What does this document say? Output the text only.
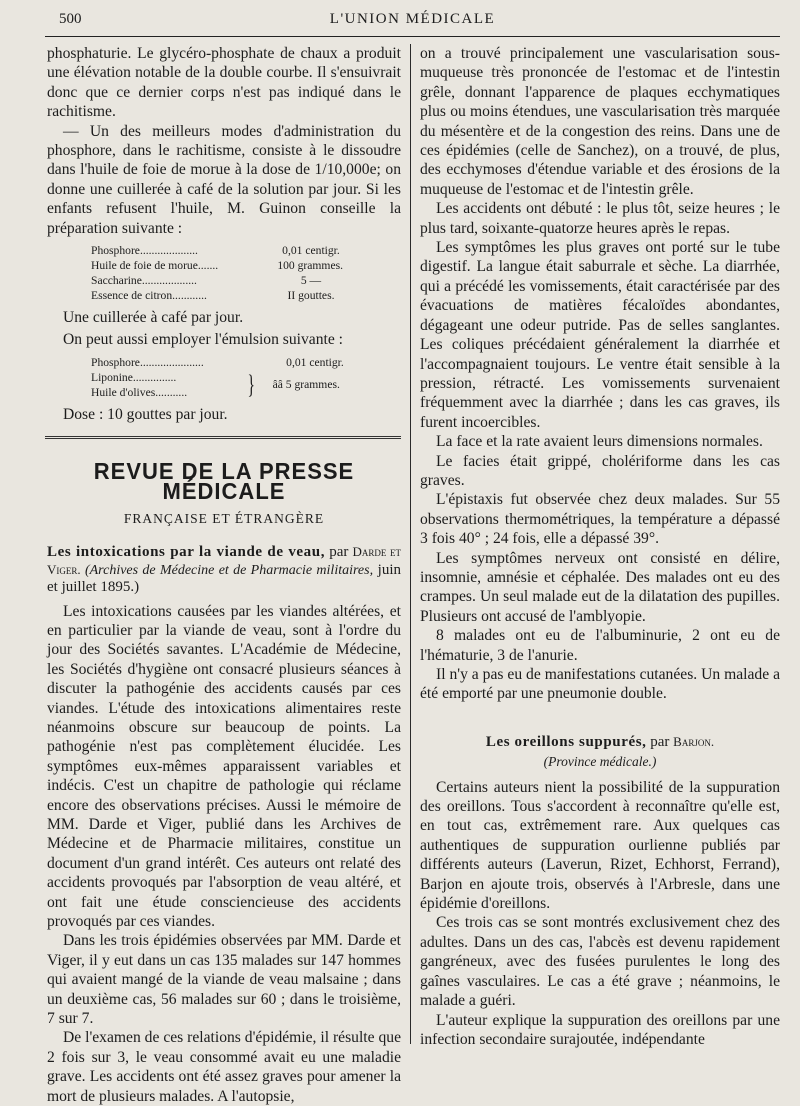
500	L'UNION MÉDICALE

phosphaturie. Le glycéro-phosphate de chaux a produit une élévation notable de la double courbe. Il s'ensuivrait donc que ce dernier corps n'est pas indiqué dans le rachitisme.

— Un des meilleurs modes d'administration du phosphore, dans le rachitisme, consiste à le dissoudre dans l'huile de foie de morue à la dose de 1/10,000e; on donne une cuillerée à café de la solution par jour. Si les enfants refusent l'huile, M. Guinon conseille la préparation suivante :

Phosphore....................	0,01 centigr.
Huile de foie de morue.......	100 grammes.
Saccharine...................	5 —
Essence de citron............	II gouttes.

Une cuillerée à café par jour.

On peut aussi employer l'émulsion suivante :

Phosphore......................	0,01 centigr.
Liponine...............
Huile d'olives...........	}	ââ 5 grammes.

Dose : 10 gouttes par jour.

REVUE DE LA PRESSE MÉDICALE
FRANÇAISE ET ÉTRANGÈRE

Les intoxications par la viande de veau, par Darde et Viger. (Archives de Médecine et de Pharmacie militaires, juin et juillet 1895.)

Les intoxications causées par les viandes altérées, et en particulier par la viande de veau, sont à l'ordre du jour des Sociétés savantes. L'Académie de Médecine, les Sociétés d'hygiène ont consacré plusieurs séances à discuter la pathogénie des accidents causés par ces viandes. L'étude des intoxications alimentaires reste néanmoins obscure sur beaucoup de points. La pathogénie n'est pas complètement élucidée. Les symptômes eux-mêmes apparaissent variables et indécis. C'est un chapitre de pathologie qui réclame encore des observations précises. Aussi le mémoire de MM. Darde et Viger, publié dans les Archives de Médecine et de Pharmacie militaires, constitue un document d'un grand intérêt. Ces auteurs ont relaté des accidents provoqués par l'absorption de veau altéré, et ont fait une étude consciencieuse des accidents provoqués par ces viandes.

Dans les trois épidémies observées par MM. Darde et Viger, il y eut dans un cas 135 malades sur 147 hommes qui avaient mangé de la viande de veau malsaine ; dans un deuxième cas, 56 malades sur 60 ; dans le troisième, 7 sur 7.

De l'examen de ces relations d'épidémie, il résulte que 2 fois sur 3, le veau consommé avait eu une maladie grave. Les accidents ont été assez graves pour amener la mort de plusieurs malades. A l'autopsie,

on a trouvé principalement une vascularisation sous-muqueuse très prononcée de l'estomac et de l'intestin grêle, donnant l'apparence de plaques ecchymatiques plus ou moins étendues, une vascularisation très marquée du mésentère et de la congestion des reins. Dans une de ces épidémies (celle de Sanchez), on a trouvé, de plus, des ecchymoses d'étendue variable et des érosions de la muqueuse de l'estomac et de l'intestin grêle.

Les accidents ont débuté : le plus tôt, seize heures ; le plus tard, soixante-quatorze heures après le repas.

Les symptômes les plus graves ont porté sur le tube digestif. La langue était saburrale et sèche. La diarrhée, qui a précédé les vomissements, était caractérisée par des évacuations de matières fécaloïdes abondantes, dégageant une odeur putride. Pas de selles sanglantes. Les coliques précédaient généralement la diarrhée et l'accompagnaient toujours. Le ventre était sensible à la pression, rétracté. Les vomissements survenaient fréquemment avec la diarrhée ; dans les cas graves, ils furent incoercibles.

La face et la rate avaient leurs dimensions normales.

Le facies était grippé, cholériforme dans les cas graves.

L'épistaxis fut observée chez deux malades. Sur 55 observations thermométriques, la température a dépassé 3 fois 40° ; 24 fois, elle a dépassé 39°.

Les symptômes nerveux ont consisté en délire, insomnie, amnésie et céphalée. Des malades ont eu des crampes. Un seul malade eut de la dilatation des pupilles. Plusieurs ont accusé de l'amblyopie.

8 malades ont eu de l'albuminurie, 2 ont eu de l'hématurie, 3 de l'anurie.

Il n'y a pas eu de manifestations cutanées. Un malade a été emporté par une pneumonie double.

Les oreillons suppurés, par Barjon.
(Province médicale.)

Certains auteurs nient la possibilité de la suppuration des oreillons. Tous s'accordent à reconnaître qu'elle est, en tout cas, extrêmement rare. Aux quelques cas authentiques de suppuration ourlienne publiés par différents auteurs (Laverun, Rizet, Echhorst, Ferrand), Barjon en ajoute trois, observés à l'Arbresle, dans une épidémie d'oreillons.

Ces trois cas se sont montrés exclusivement chez des adultes. Dans un des cas, l'abcès est devenu rapidement gangréneux, avec des fusées purulentes le long des gaînes vasculaires. Le cas a été grave ; néanmoins, le malade a guéri.

L'auteur explique la suppuration des oreillons par une infection secondaire surajoutée, indépendante
